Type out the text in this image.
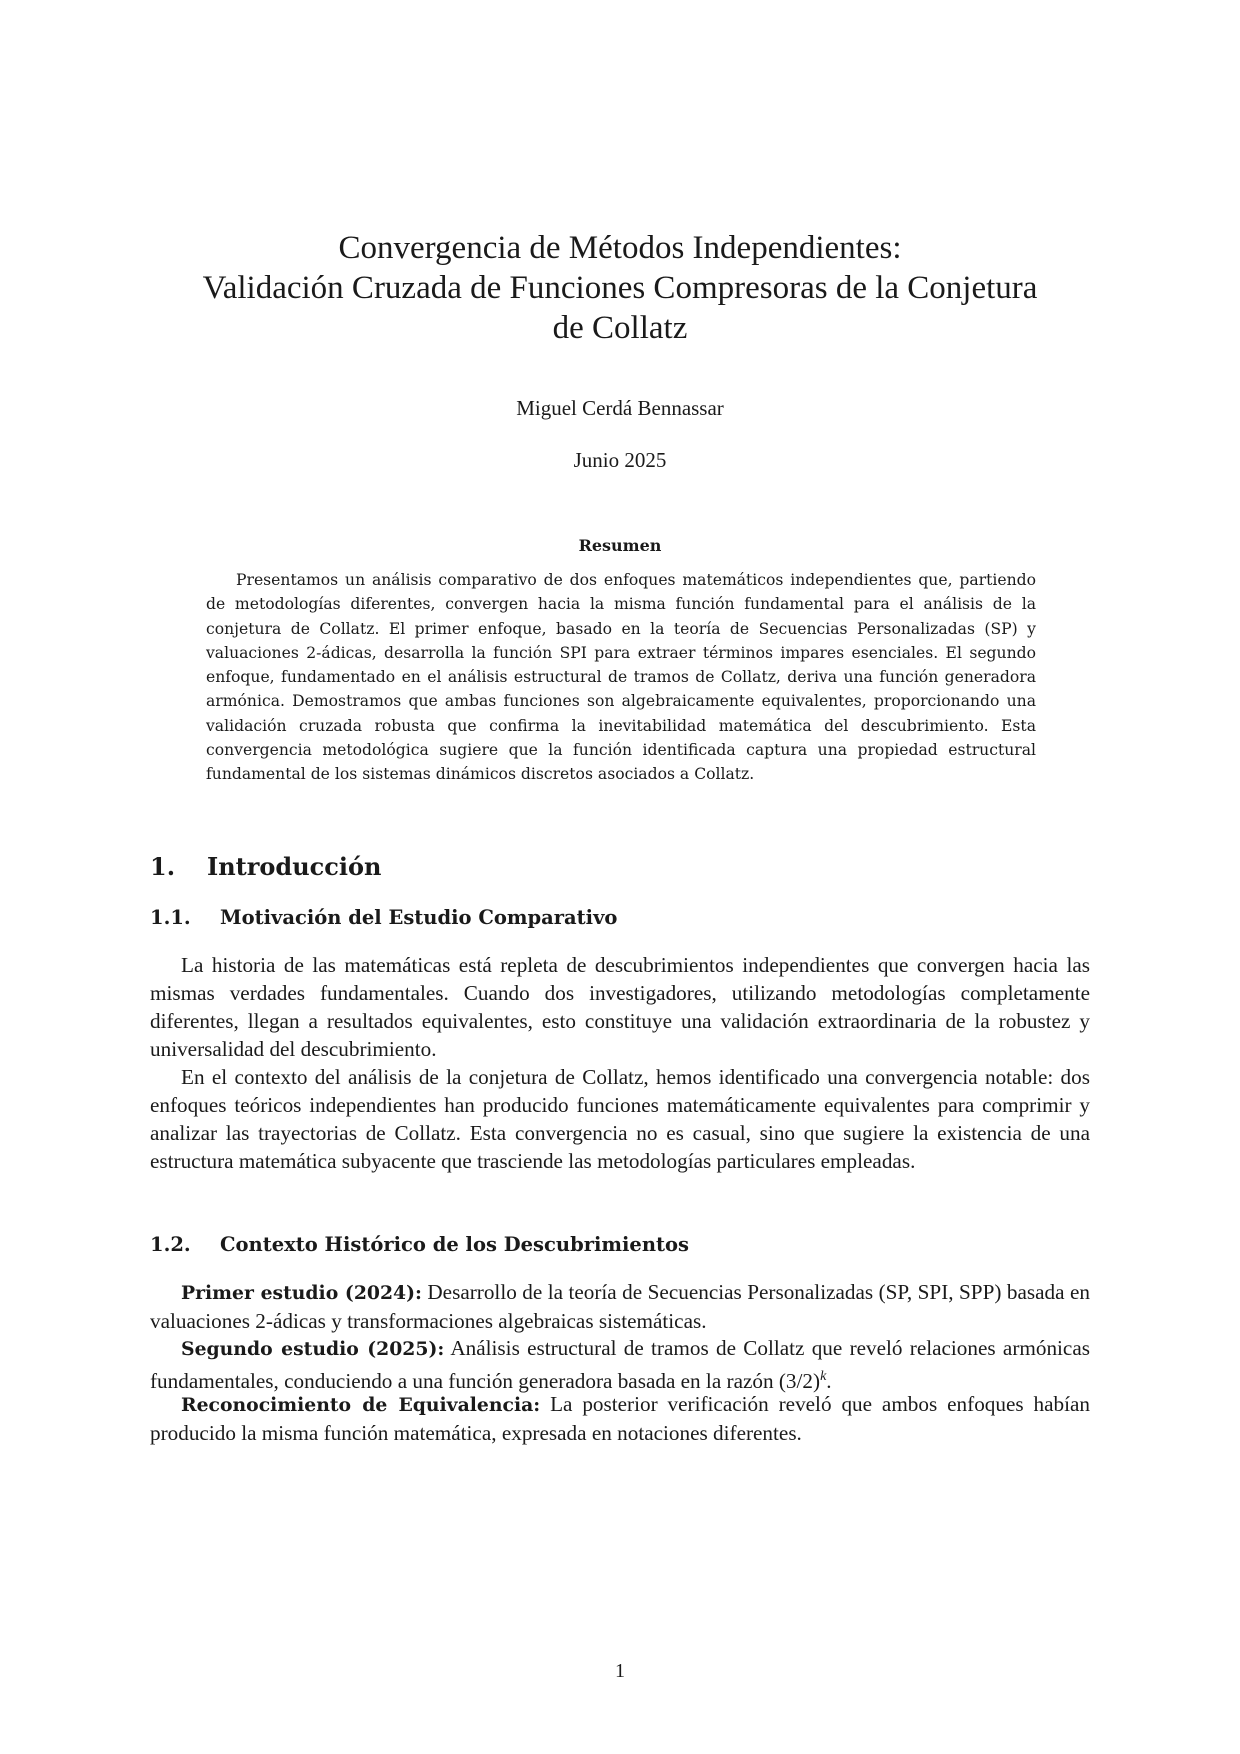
Convergencia de Métodos Independientes:

Validación Cruzada de Funciones Compresoras de la Conjetura

de Collatz

Miguel Cerdá Bennassar
Junio 2025
Resumen

Presentamos un análisis comparativo de dos enfoques matemáticos independientes que, partiendo de metodologías diferentes, convergen hacia la misma función fundamental para el análisis de la conjetura de Collatz. El primer enfoque, basado en la teoría de Secuencias Personalizadas (SP) y valuaciones 2-ádicas, desarrolla la función SPI para extraer términos impares esenciales. El segundo enfoque, fundamentado en el análisis estructural de tramos de Collatz, deriva una función generadora armónica. Demostramos que ambas funciones son algebraicamente equivalentes, proporcionando una validación cruzada robusta que confirma la inevitabilidad matemática del descubrimiento. Esta convergencia metodológica sugiere que la función identificada captura una propiedad estructural fundamental de los sistemas dinámicos discretos asociados a Collatz.

1. Introducción
1.1. Motivación del Estudio Comparativo

La historia de las matemáticas está repleta de descubrimientos independientes que convergen hacia las mismas verdades fundamentales. Cuando dos investigadores, utilizando metodologías completamente diferentes, llegan a resultados equivalentes, esto constituye una validación extraordinaria de la robustez y universalidad del descubrimiento.

En el contexto del análisis de la conjetura de Collatz, hemos identificado una convergencia notable: dos enfoques teóricos independientes han producido funciones matemáticamente equivalentes para comprimir y analizar las trayectorias de Collatz. Esta convergencia no es casual, sino que sugiere la existencia de una estructura matemática subyacente que trasciende las metodologías particulares empleadas.

1.2. Contexto Histórico de los Descubrimientos

Primer estudio (2024): Desarrollo de la teoría de Secuencias Personalizadas (SP, SPI, SPP) basada en valuaciones 2-ádicas y transformaciones algebraicas sistemáticas.

Segundo estudio (2025): Análisis estructural de tramos de Collatz que reveló relaciones armónicas fundamentales, conduciendo a una función generadora basada en la razón $(3/2)^k$.

Reconocimiento de Equivalencia: La posterior verificación reveló que ambos enfoques habían producido la misma función matemática, expresada en notaciones diferentes.

1
